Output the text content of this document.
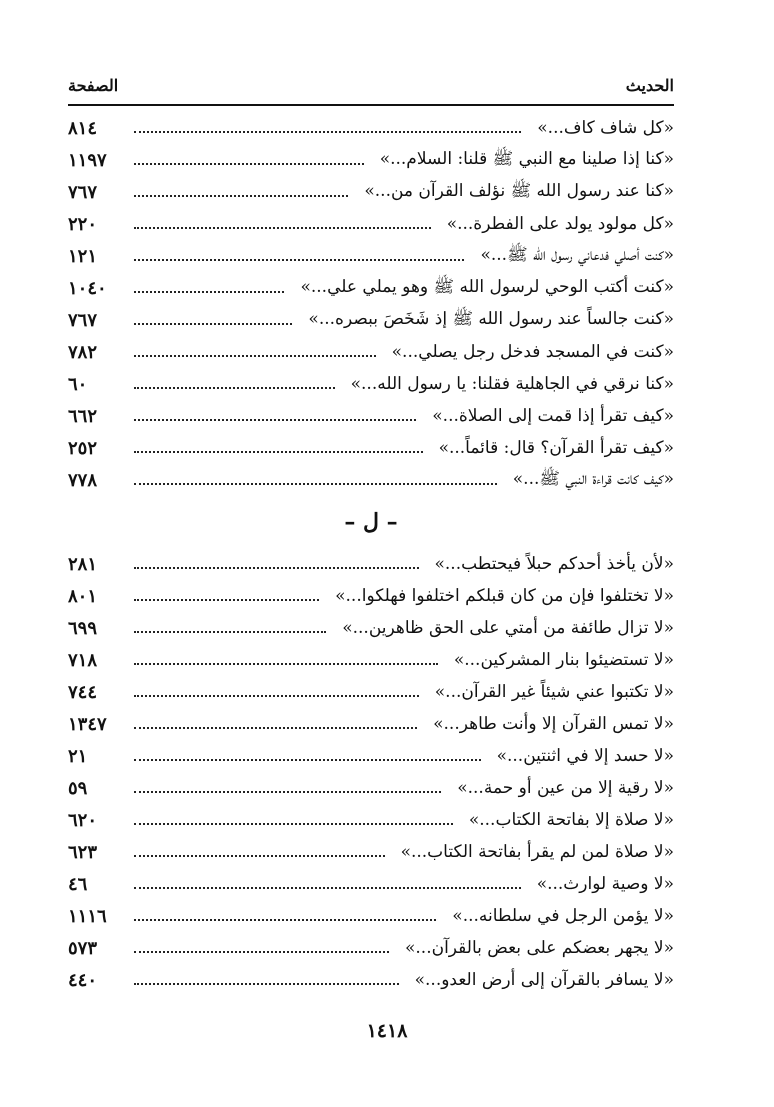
الحديث
الصفحة
«كل شاف كاف...»
٨١٤
«كنا إذا صلينا مع النبي ﷺ قلنا: السلام...»
١١٩٧
«كنا عند رسول الله ﷺ نؤلف القرآن من...»
٧٦٧
«كل مولود يولد على الفطرة...»
٢٢٠
«كنت أصلي فدعاني رسول الله ﷺ...»
١٢١
«كنت أكتب الوحي لرسول الله ﷺ وهو يملي علي...»
١٠٤٠
«كنت جالساً عند رسول الله ﷺ إذ شَخَصَ ببصره...»
٧٦٧
«كنت في المسجد فدخل رجل يصلي...»
٧٨٢
«كنا نرقي في الجاهلية فقلنا: يا رسول الله...»
٦٠
«كيف تقرأ إذا قمت إلى الصلاة...»
٦٦٢
«كيف تقرأ القرآن؟ قال: قائماً...»
٢٥٢
«كيف كانت قراءة النبي ﷺ...»
٧٧٨
– ل –
«لأن يأخذ أحدكم حبلاً فيحتطب...»
٢٨١
«لا تختلفوا فإن من كان قبلكم اختلفوا فهلكوا...»
٨٠١
«لا تزال طائفة من أمتي على الحق ظاهرين...»
٦٩٩
«لا تستضيئوا بنار المشركين...»
٧١٨
«لا تكتبوا عني شيئاً غير القرآن...»
٧٤٤
«لا تمس القرآن إلا وأنت طاهر...»
١٣٤٧
«لا حسد إلا في اثنتين...»
٢١
«لا رقية إلا من عين أو حمة...»
٥٩
«لا صلاة إلا بفاتحة الكتاب...»
٦٢٠
«لا صلاة لمن لم يقرأ بفاتحة الكتاب...»
٦٢٣
«لا وصية لوارث...»
٤٦
«لا يؤمن الرجل في سلطانه...»
١١١٦
«لا يجهر بعضكم على بعض بالقرآن...»
٥٧٣
«لا يسافر بالقرآن إلى أرض العدو...»
٤٤٠
١٤١٨
